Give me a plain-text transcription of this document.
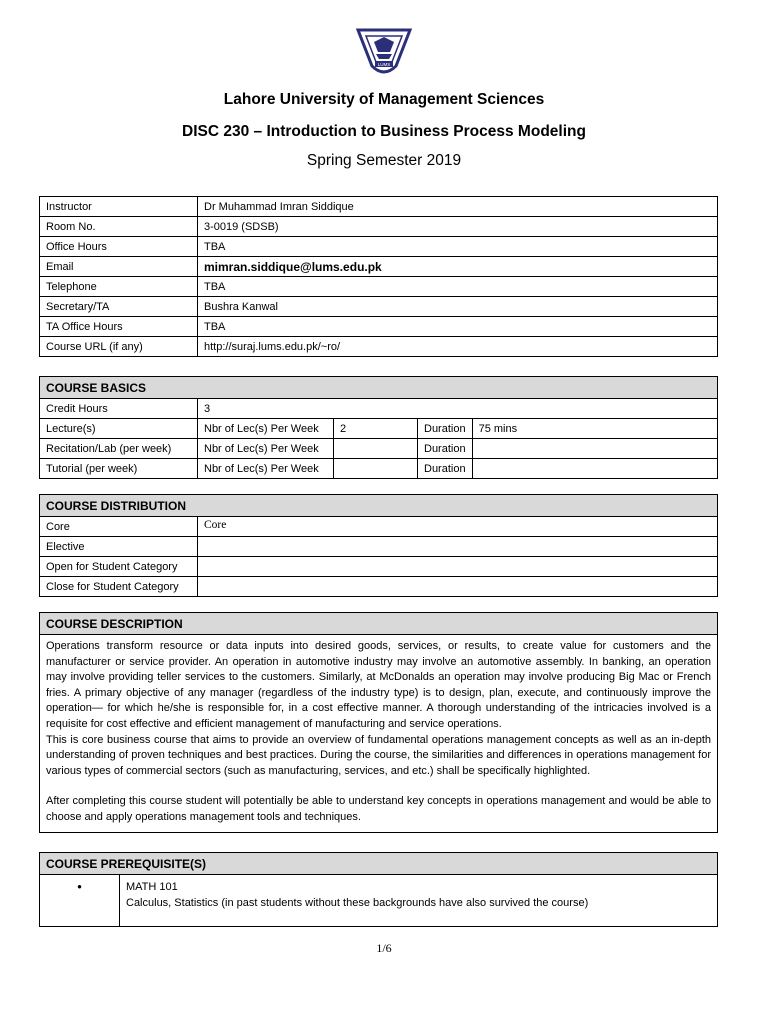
LUMS
Lahore University of Management Sciences
DISC 230 – Introduction to Business Process Modeling
Spring Semester 2019
Instructor	Dr Muhammad Imran Siddique
Room No.	3-0019 (SDSB)
Office Hours	TBA
Email	mimran.siddique@lums.edu.pk
Telephone	TBA
Secretary/TA	Bushra Kanwal
TA Office Hours	TBA
Course URL (if any)	http://suraj.lums.edu.pk/~ro/
COURSE BASICS				
Credit Hours	3			
Lecture(s)	Nbr of Lec(s) Per Week	2	Duration	75 mins
Recitation/Lab (per week)	Nbr of Lec(s) Per Week		Duration	
Tutorial (per week)	Nbr of Lec(s) Per Week		Duration	
COURSE DISTRIBUTION	
Core	Core
Elective	
Open for Student Category	
Close for Student Category	
COURSE DESCRIPTION

Operations transform resource or data inputs into desired goods, services, or results, to create value for customers and the manufacturer or service provider. An operation in automotive industry may involve an automotive assembly. In banking, an operation may involve providing teller services to the customers. Similarly, at McDonalds an operation may involve producing Big Mac or French fries. A primary objective of any manager (regardless of the industry type) is to design, plan, execute, and continuously improve the operation— for which he/she is responsible for, in a cost effective manner. A thorough understanding of the intricacies involved is a requisite for cost effective and efficient management of manufacturing and service operations.
This is core business course that aims to provide an overview of fundamental operations management concepts as well as an in-depth understanding of proven techniques and best practices. During the course, the similarities and differences in operations management for various types of commercial sectors (such as manufacturing, services, and etc.) shall be specifically highlighted.
After completing this course student will potentially be able to understand key concepts in operations management and would be able to choose and apply operations management tools and techniques.
COURSE PREREQUISITE(S)
•	MATH 101
Calculus, Statistics (in past students without these backgrounds have also survived the course)
1/6
